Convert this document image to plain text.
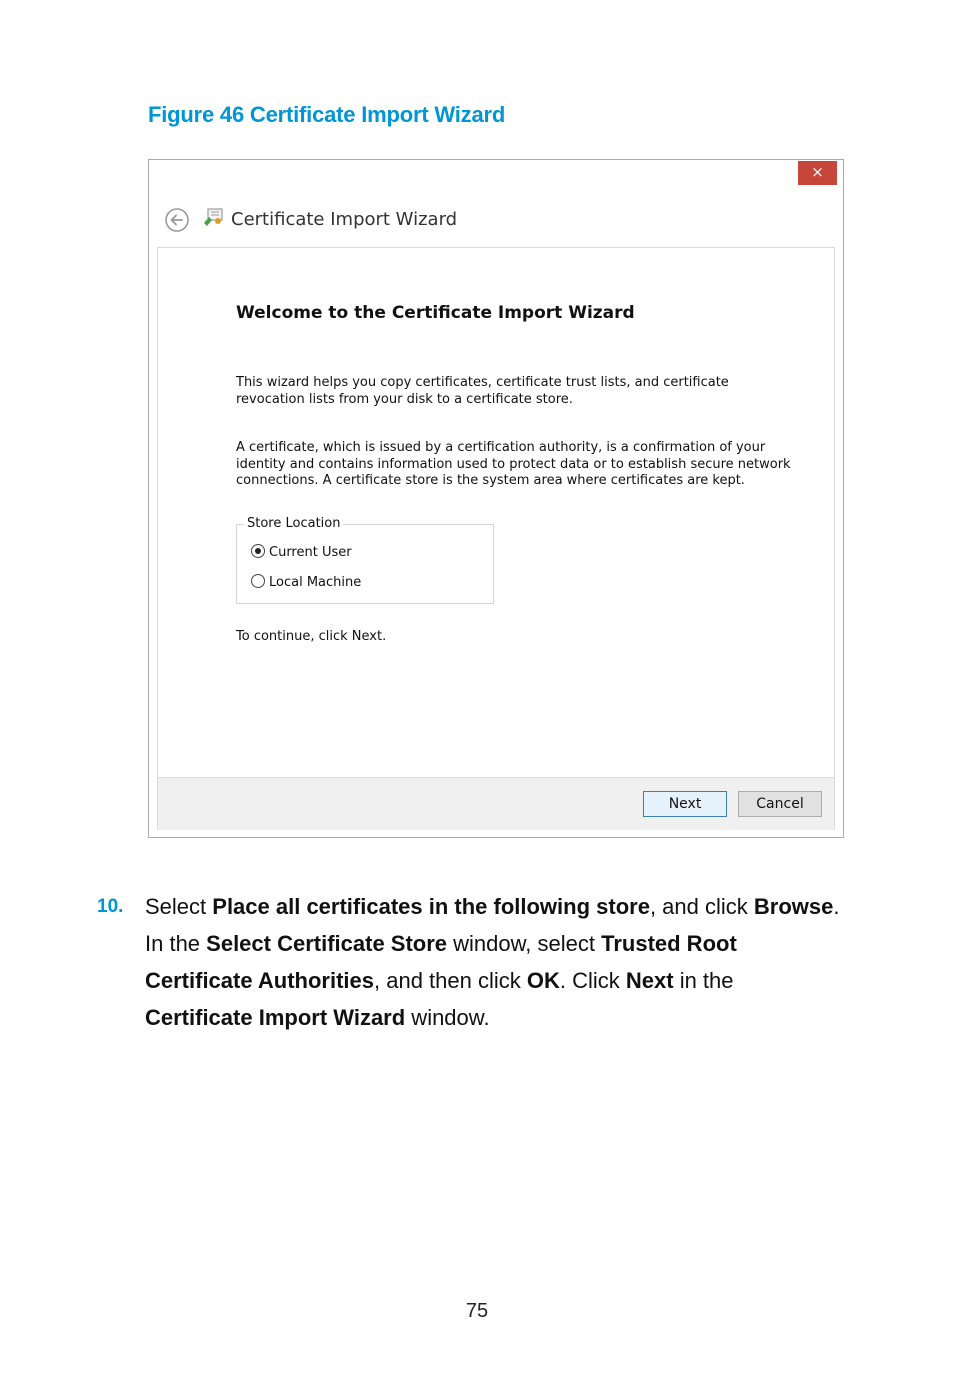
Figure 46 Certificate Import Wizard
×
Certificate Import Wizard
Welcome to the Certificate Import Wizard
This wizard helps you copy certificates, certificate trust lists, and certificate revocation lists from your disk to a certificate store.
A certificate, which is issued by a certification authority, is a confirmation of your identity and contains information used to protect data or to establish secure network connections. A certificate store is the system area where certificates are kept.
Store Location
Current User
Local Machine
To continue, click Next.
Next	Cancel
10. Select Place all certificates in the following store, and click Browse. In the Select Certificate Store window, select Trusted Root Certificate Authorities, and then click OK. Click Next in the Certificate Import Wizard window.
75
